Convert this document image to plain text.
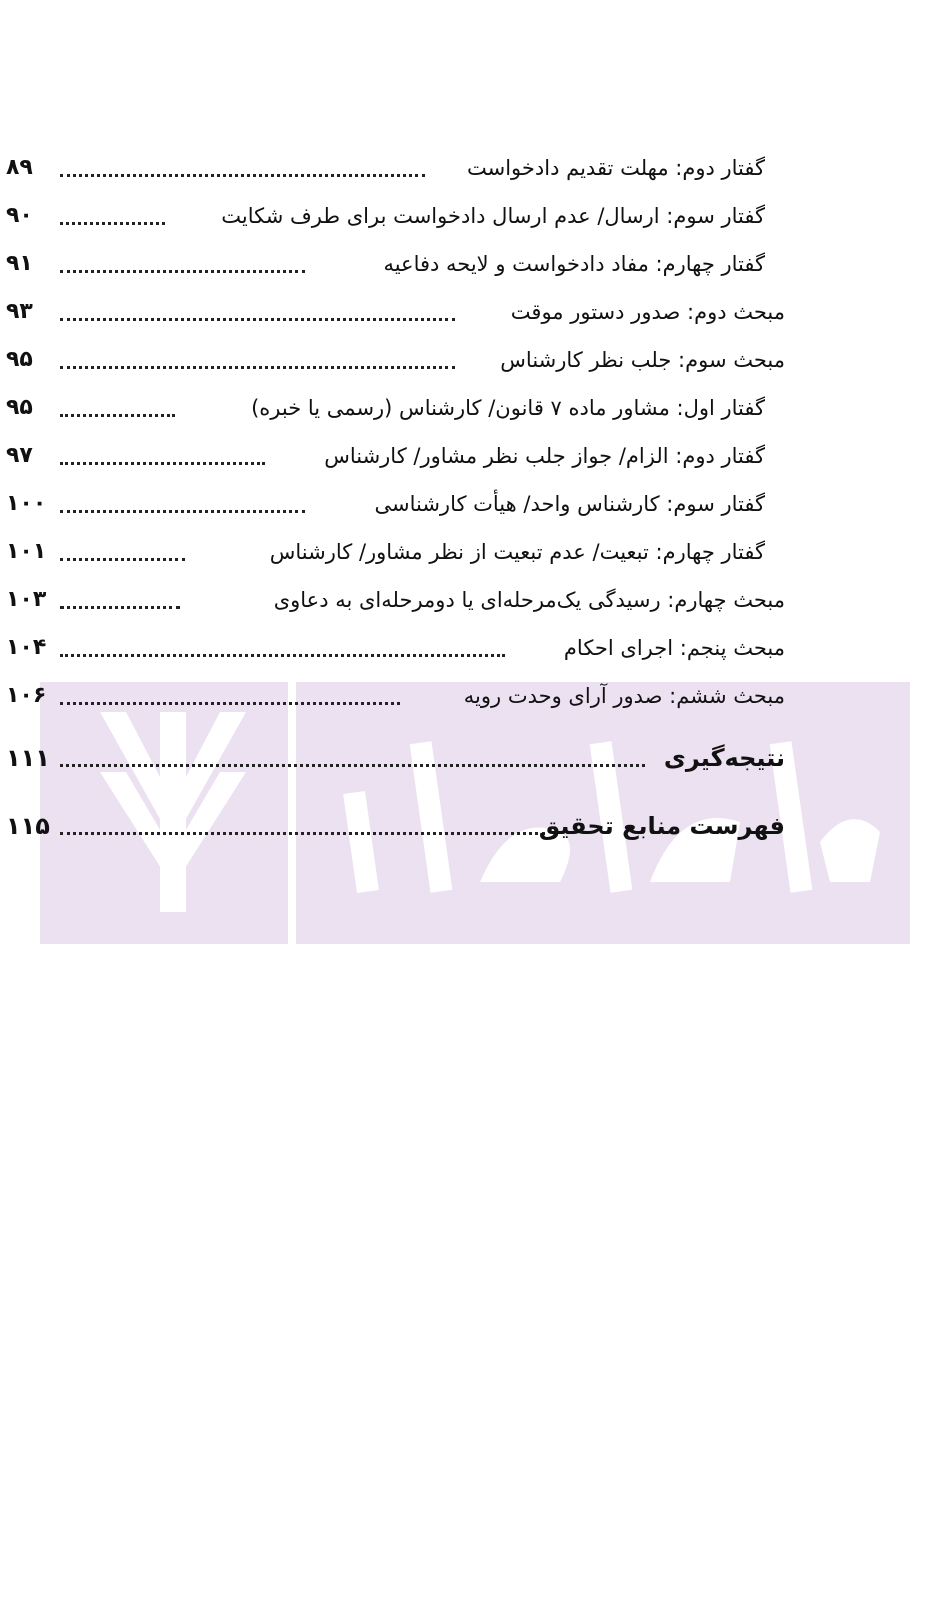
۸۹	گفتار دوم: مهلت تقدیم دادخواست
۹۰	گفتار سوم: ارسال/ عدم ارسال دادخواست برای طرف شکایت
۹۱	گفتار چهارم: مفاد دادخواست و لایحه دفاعیه
۹۳	مبحث دوم: صدور دستور موقت
۹۵	مبحث سوم: جلب نظر کارشناس
۹۵	گفتار اول: مشاور ماده ۷ قانون/ کارشناس (رسمی یا خبره)
۹۷	گفتار دوم: الزام/ جواز جلب نظر مشاور/ کارشناس
۱۰۰	گفتار سوم: کارشناس واحد/ هیأت کارشناسی
۱۰۱	گفتار چهارم: تبعیت/ عدم تبعیت از نظر مشاور/ کارشناس
۱۰۳	مبحث چهارم: رسیدگی یک‌مرحله‌ای یا دومرحله‌ای به دعاوی
۱۰۴	مبحث پنجم: اجرای احکام
۱۰۶	مبحث ششم: صدور آرای وحدت رویه
۱۱۱	نتیجه‌گیری
۱۱۵	فهرست منابع تحقیق
